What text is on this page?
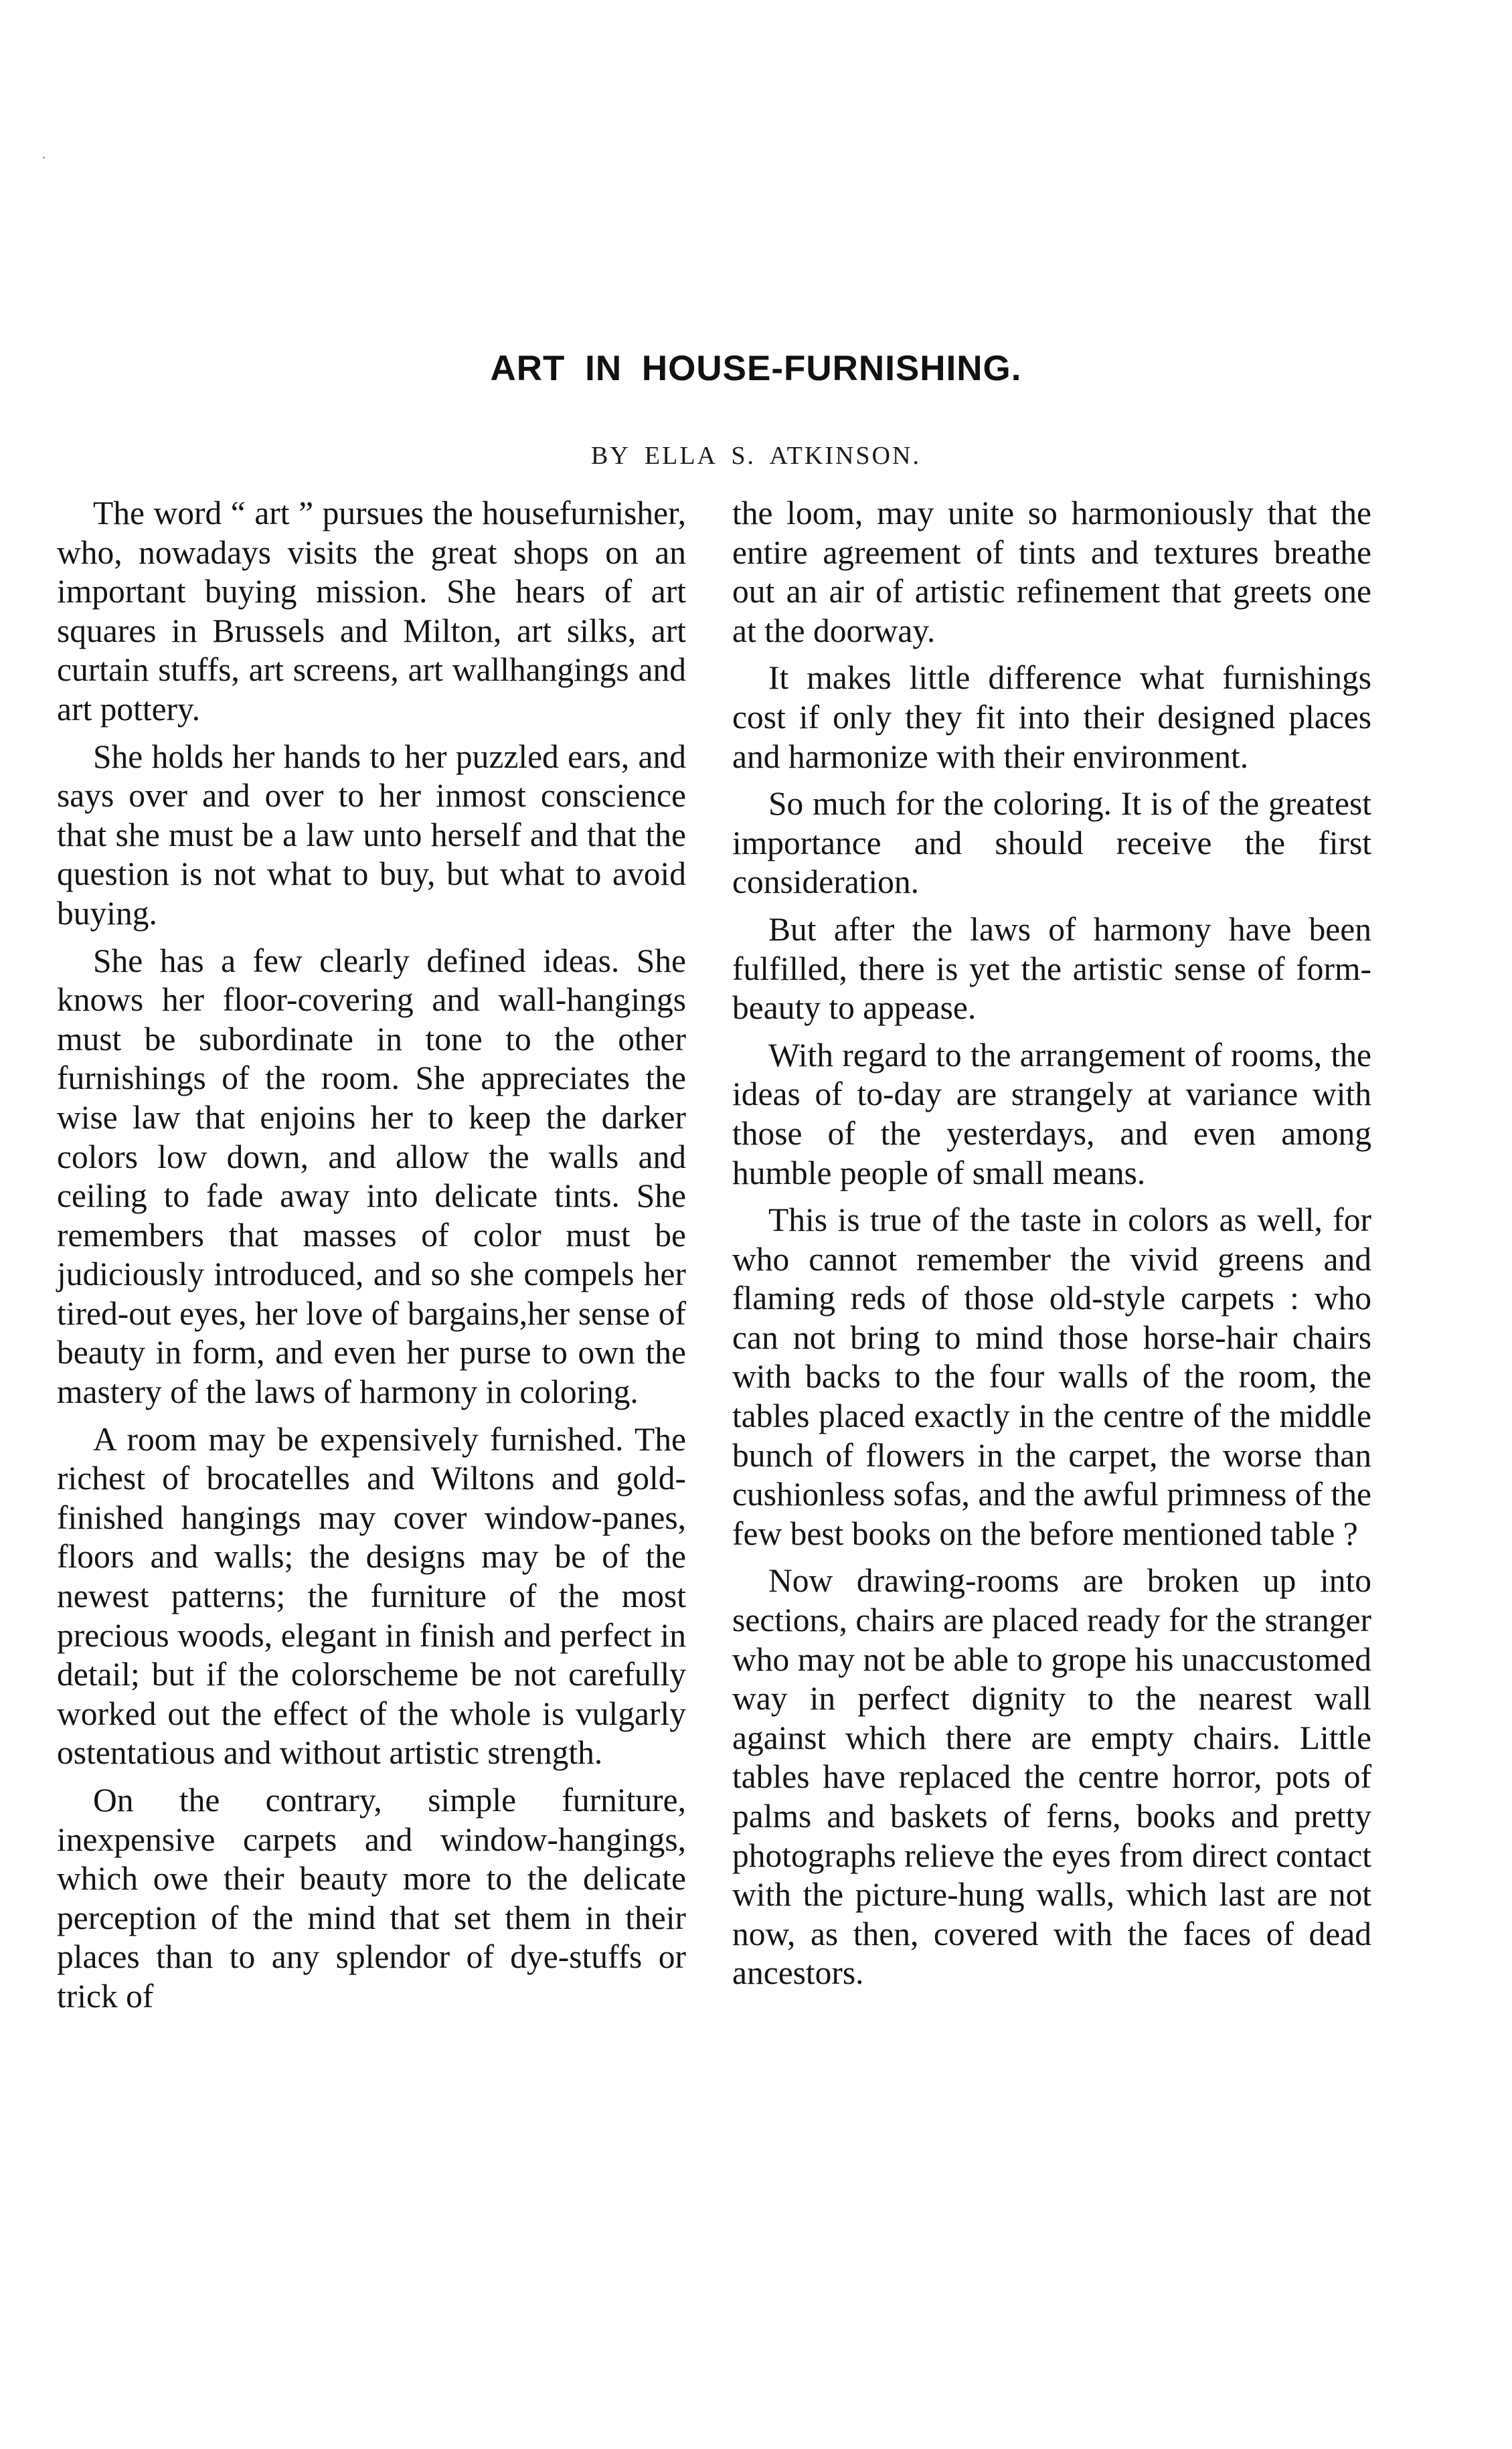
ART IN HOUSE-FURNISHING.
BY ELLA S. ATKINSON.

The word “ art ” pursues the housefurnisher, who, nowadays visits the great shops on an important buying mission. She hears of art squares in Brussels and Milton, art silks, art curtain stuffs, art screens, art wallhangings and art pottery.

She holds her hands to her puzzled ears, and says over and over to her inmost conscience that she must be a law unto herself and that the question is not what to buy, but what to avoid buying.

She has a few clearly defined ideas. She knows her floor-covering and wall-hangings must be subordinate in tone to the other furnishings of the room. She appreciates the wise law that enjoins her to keep the darker colors low down, and allow the walls and ceiling to fade away into delicate tints. She remembers that masses of color must be judiciously introduced, and so she compels her tired-out eyes, her love of bargains,her sense of beauty in form, and even her purse to own the mastery of the laws of harmony in coloring.

A room may be expensively furnished. The richest of brocatelles and Wiltons and gold-finished hangings may cover window-panes, floors and walls; the designs may be of the newest patterns; the furniture of the most precious woods, elegant in finish and perfect in detail; but if the colorscheme be not carefully worked out the effect of the whole is vulgarly ostentatious and without artistic strength.

On the contrary, simple furniture, inexpensive carpets and window-hangings, which owe their beauty more to the delicate perception of the mind that set them in their places than to any splendor of dye-stuffs or trick of

the loom, may unite so harmoniously that the entire agreement of tints and textures breathe out an air of artistic refinement that greets one at the doorway.

It makes little difference what furnishings cost if only they fit into their designed places and harmonize with their environment.

So much for the coloring. It is of the greatest importance and should receive the first consideration.

But after the laws of harmony have been fulfilled, there is yet the artistic sense of form-beauty to appease.

With regard to the arrangement of rooms, the ideas of to-day are strangely at variance with those of the yesterdays, and even among humble people of small means.

This is true of the taste in colors as well, for who cannot remember the vivid greens and flaming reds of those old-style carpets : who can not bring to mind those horse-hair chairs with backs to the four walls of the room, the tables placed exactly in the centre of the middle bunch of flowers in the carpet, the worse than cushionless sofas, and the awful primness of the few best books on the before mentioned table ?

Now drawing-rooms are broken up into sections, chairs are placed ready for the stranger who may not be able to grope his unaccustomed way in perfect dignity to the nearest wall against which there are empty chairs. Little tables have replaced the centre horror, pots of palms and baskets of ferns, books and pretty photographs relieve the eyes from direct contact with the picture-hung walls, which last are not now, as then, covered with the faces of dead ancestors.
